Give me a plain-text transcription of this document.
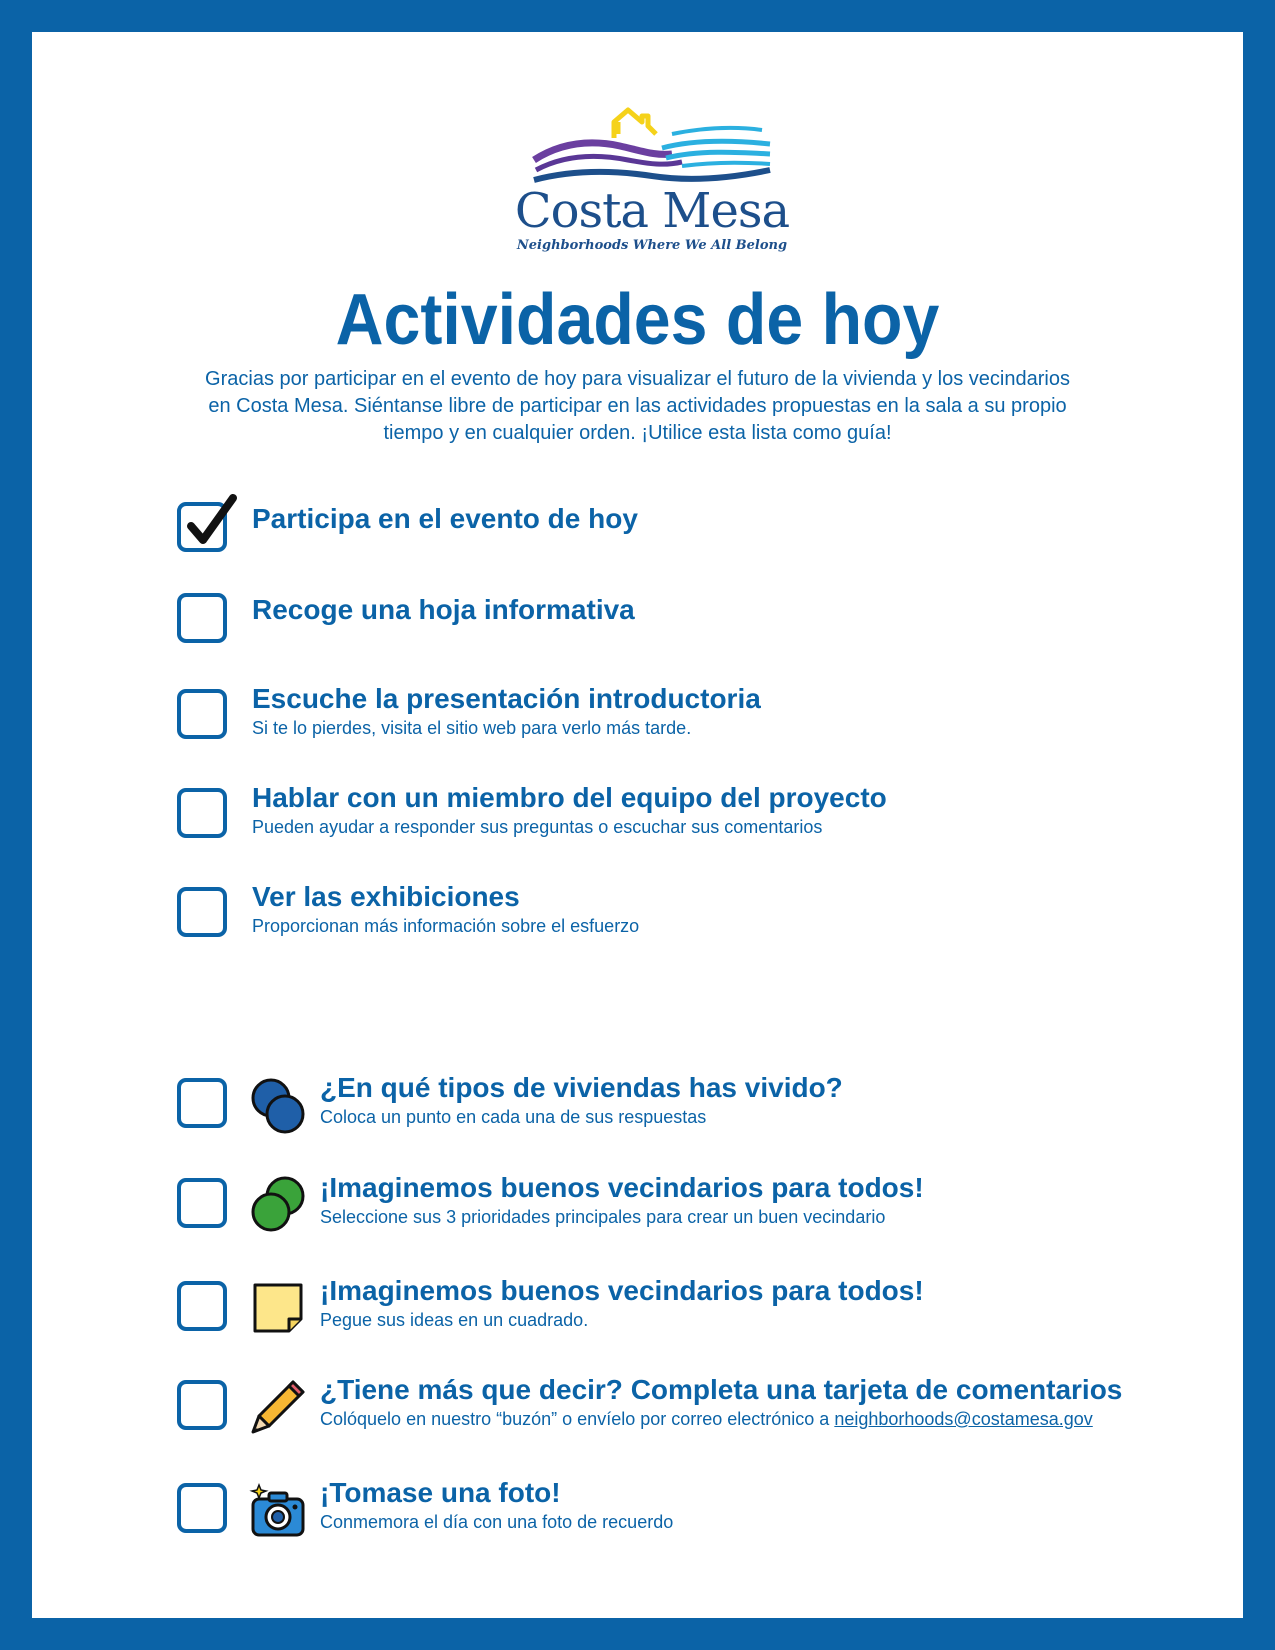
Costa Mesa
Neighborhoods Where We All Belong
Actividades de hoy
Gracias por participar en el evento de hoy para visualizar el futuro de la vivienda y los vecindarios en Costa Mesa. Siéntanse libre de participar en las actividades propuestas en la sala a su propio tiempo y en cualquier orden. ¡Utilice esta lista como guía!
Participa en el evento de hoy
Recoge una hoja informativa
Escuche la presentación introductoria
Si te lo pierdes, visita el sitio web para verlo más tarde.
Hablar con un miembro del equipo del proyecto
Pueden ayudar a responder sus preguntas o escuchar sus comentarios
Ver las exhibiciones
Proporcionan más información sobre el esfuerzo
¿En qué tipos de viviendas has vivido?
Coloca un punto en cada una de sus respuestas
¡Imaginemos buenos vecindarios para todos!
Seleccione sus 3 prioridades principales para crear un buen vecindario
¡Imaginemos buenos vecindarios para todos!
Pegue sus ideas en un cuadrado.
¿Tiene más que decir? Completa una tarjeta de comentarios
Colóquelo en nuestro “buzón” o envíelo por correo electrónico a neighborhoods@costamesa.gov
¡Tomase una foto!
Conmemora el día con una foto de recuerdo
